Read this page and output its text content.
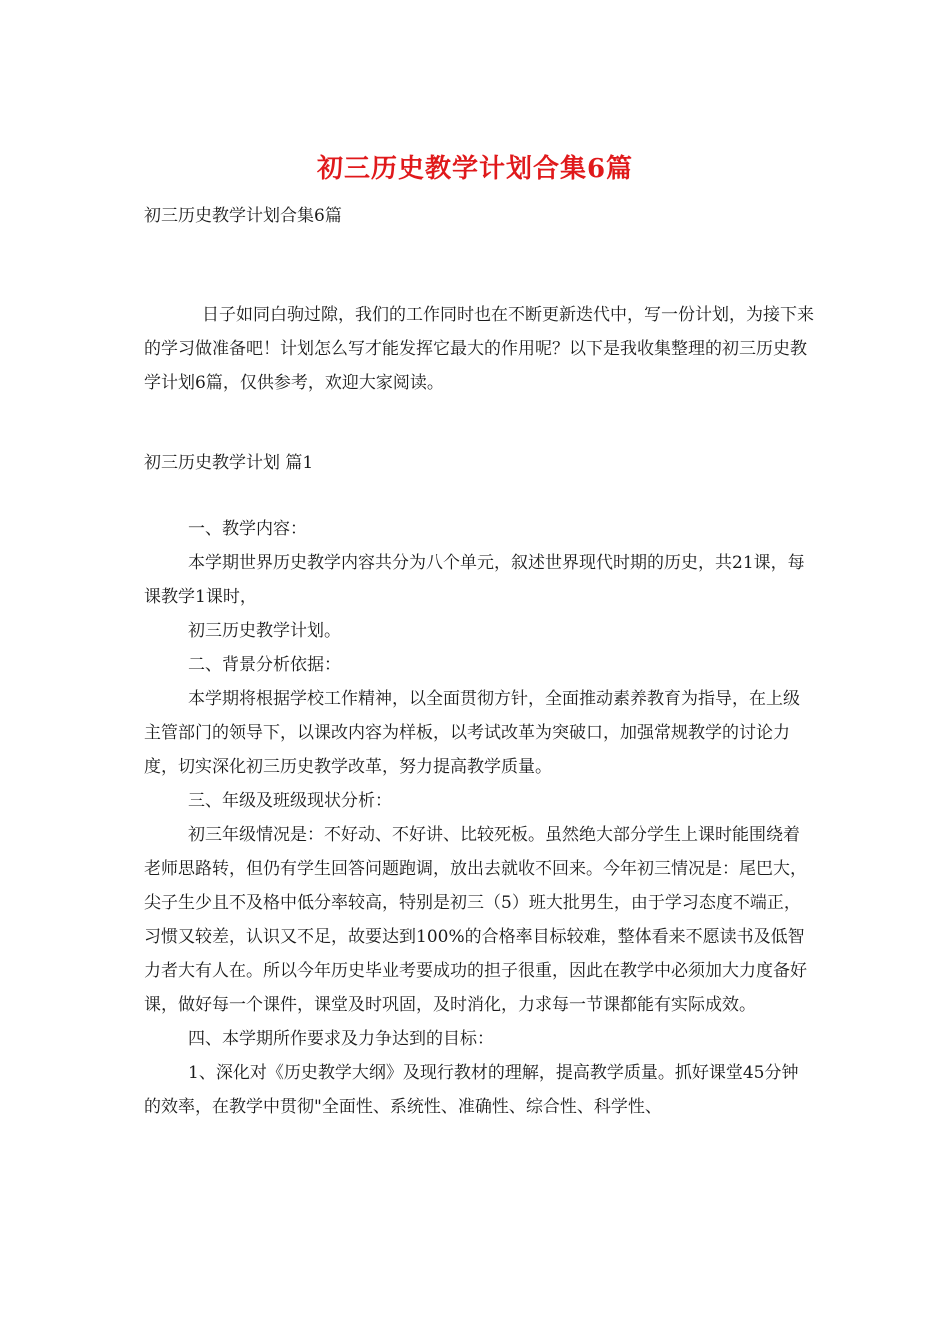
初三历史教学计划合集6篇
初三历史教学计划合集6篇

日子如同白驹过隙，我们的工作同时也在不断更新迭代中，写一份计划，为接下来的学习做准备吧！计划怎么写才能发挥它最大的作用呢？以下是我收集整理的初三历史教学计划6篇，仅供参考，欢迎大家阅读。

初三历史教学计划 篇1

一、教学内容：

本学期世界历史教学内容共分为八个单元，叙述世界现代时期的历史，共21课，每课教学1课时，

初三历史教学计划。

二、背景分析依据：

本学期将根据学校工作精神，以全面贯彻方针，全面推动素养教育为指导，在上级主管部门的领导下，以课改内容为样板，以考试改革为突破口，加强常规教学的讨论力度，切实深化初三历史教学改革，努力提高教学质量。

三、年级及班级现状分析：

初三年级情况是：不好动、不好讲、比较死板。虽然绝大部分学生上课时能围绕着老师思路转，但仍有学生回答问题跑调，放出去就收不回来。今年初三情况是：尾巴大，尖子生少且不及格中低分率较高，特别是初三（5）班大批男生，由于学习态度不端正，习惯又较差，认识又不足，故要达到100%的合格率目标较难，整体看来不愿读书及低智力者大有人在。所以今年历史毕业考要成功的担子很重，因此在教学中必须加大力度备好课，做好每一个课件，课堂及时巩固，及时消化，力求每一节课都能有实际成效。

四、本学期所作要求及力争达到的目标：

1、深化对《历史教学大纲》及现行教材的理解，提高教学质量。抓好课堂45分钟的效率，在教学中贯彻"全面性、系统性、准确性、综合性、科学性、
